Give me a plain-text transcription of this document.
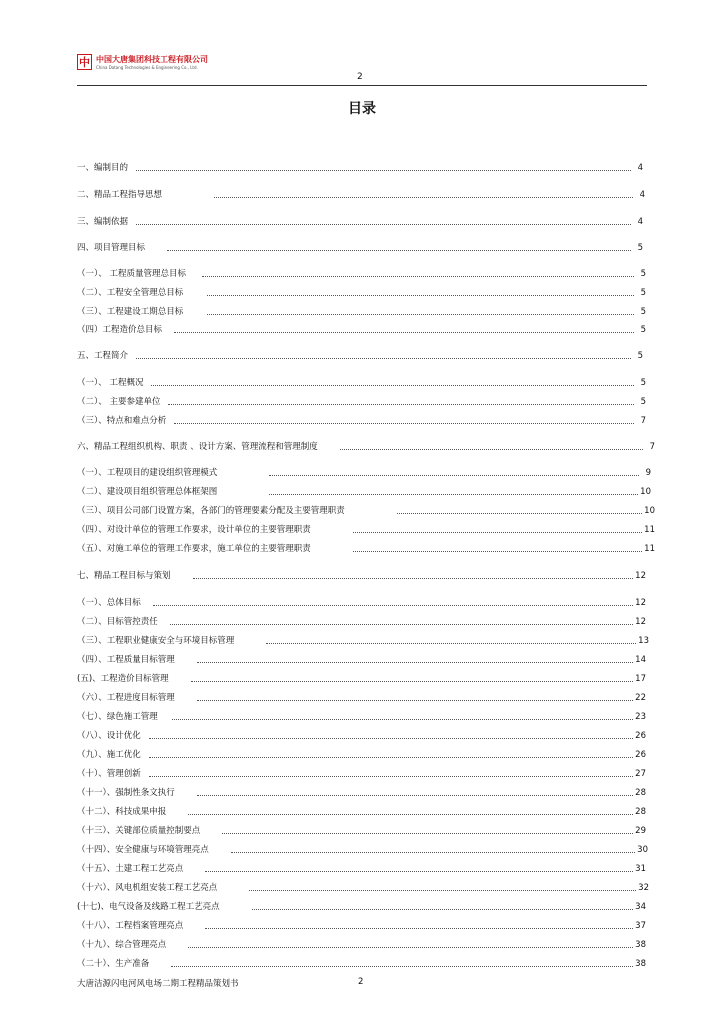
中 中国大唐集团科技工程有限公司
China Datang Technologies & Engineering Co., Ltd.
2
目录
一、编制目的	4
二、精品工程指导思想	4
三、编制依据	4
四、项目管理目标	5
（一）、 工程质量管理总目标	5
（二）、工程安全管理总目标	5
（三）、工程建设工期总目标	5
（四）工程造价总目标	5
五、工程简介	5
（一）、 工程概况	5
（二）、 主要参建单位	5
（三）、特点和难点分析	7
六、精品工程组织机构、职责 、设计方案、管理流程和管理制度	7
（一）、工程项目的建设组织管理模式	9
（二）、建设项目组织管理总体框架图	10
（三）、项目公司部门设置方案，各部门的管理要素分配及主要管理职责	10
（四）、对设计单位的管理工作要求，设计单位的主要管理职责	11
（五）、对施工单位的管理工作要求，施工单位的主要管理职责	11
七、精品工程目标与策划	12
（一）、总体目标	12
（二）、目标管控责任	12
（三）、工程职业健康安全与环境目标管理	13
（四）、工程质量目标管理	14
(五)、工程造价目标管理	17
（六）、工程进度目标管理	22
（七）、绿色施工管理	23
（八）、设计优化	26
（九）、施工优化	26
（十）、管理创新	27
（十一）、强制性条文执行	28
（十二）、科技成果申报	28
（十三）、关键部位质量控制要点	29
（十四）、安全健康与环境管理亮点	30
（十五）、土建工程工艺亮点	31
（十六）、风电机组安装工程工艺亮点	32
(十七)、电气设备及线路工程工艺亮点	34
（十八）、工程档案管理亮点	37
（十九）、综合管理亮点	38
（二十）、生产准备	38
大唐洁源闪电河风电场二期工程精品策划书	2
